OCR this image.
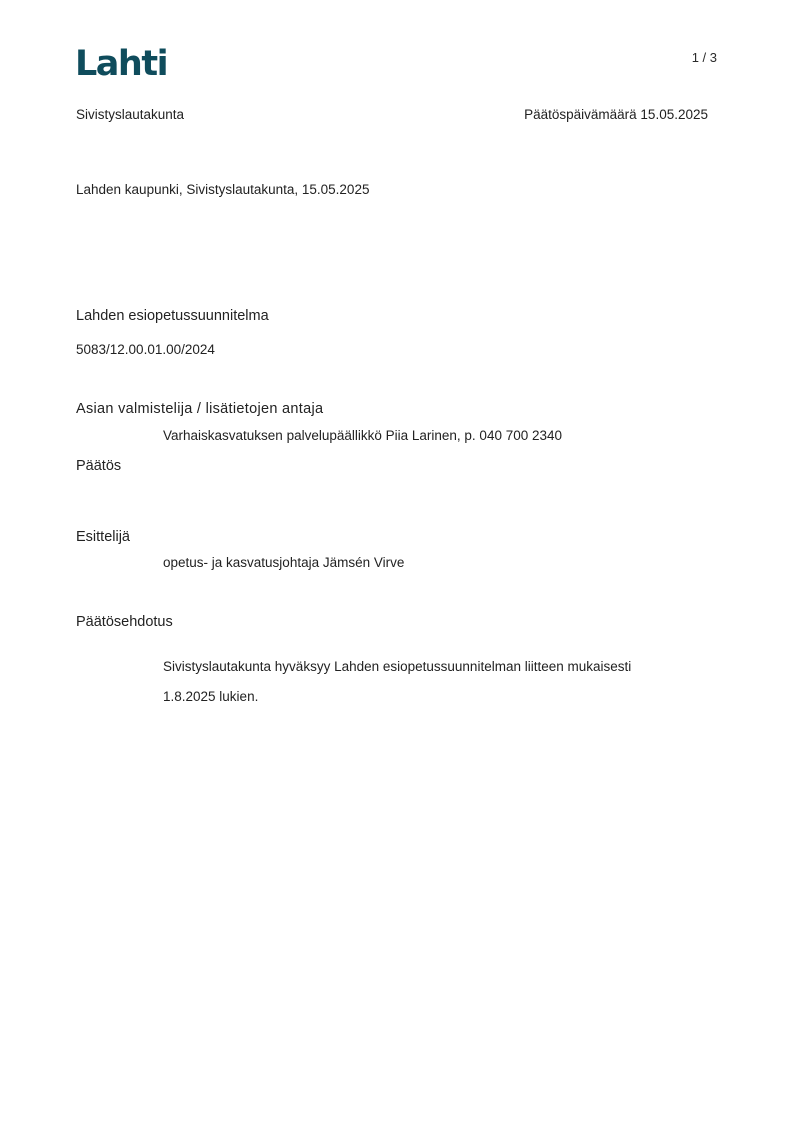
Lahti	1 / 3
Sivistyslautakunta	Päätöspäivämäärä 15.05.2025
Lahden kaupunki, Sivistyslautakunta, 15.05.2025
Lahden esiopetussuunnitelma
5083/12.00.01.00/2024
Asian valmistelija / lisätietojen antaja
Varhaiskasvatuksen palvelupäällikkö Piia Larinen, p. 040 700 2340
Päätös
Esittelijä
opetus- ja kasvatusjohtaja Jämsén Virve
Päätösehdotus
Sivistyslautakunta hyväksyy Lahden esiopetussuunnitelman liitteen mukaisesti
1.8.2025 lukien.
